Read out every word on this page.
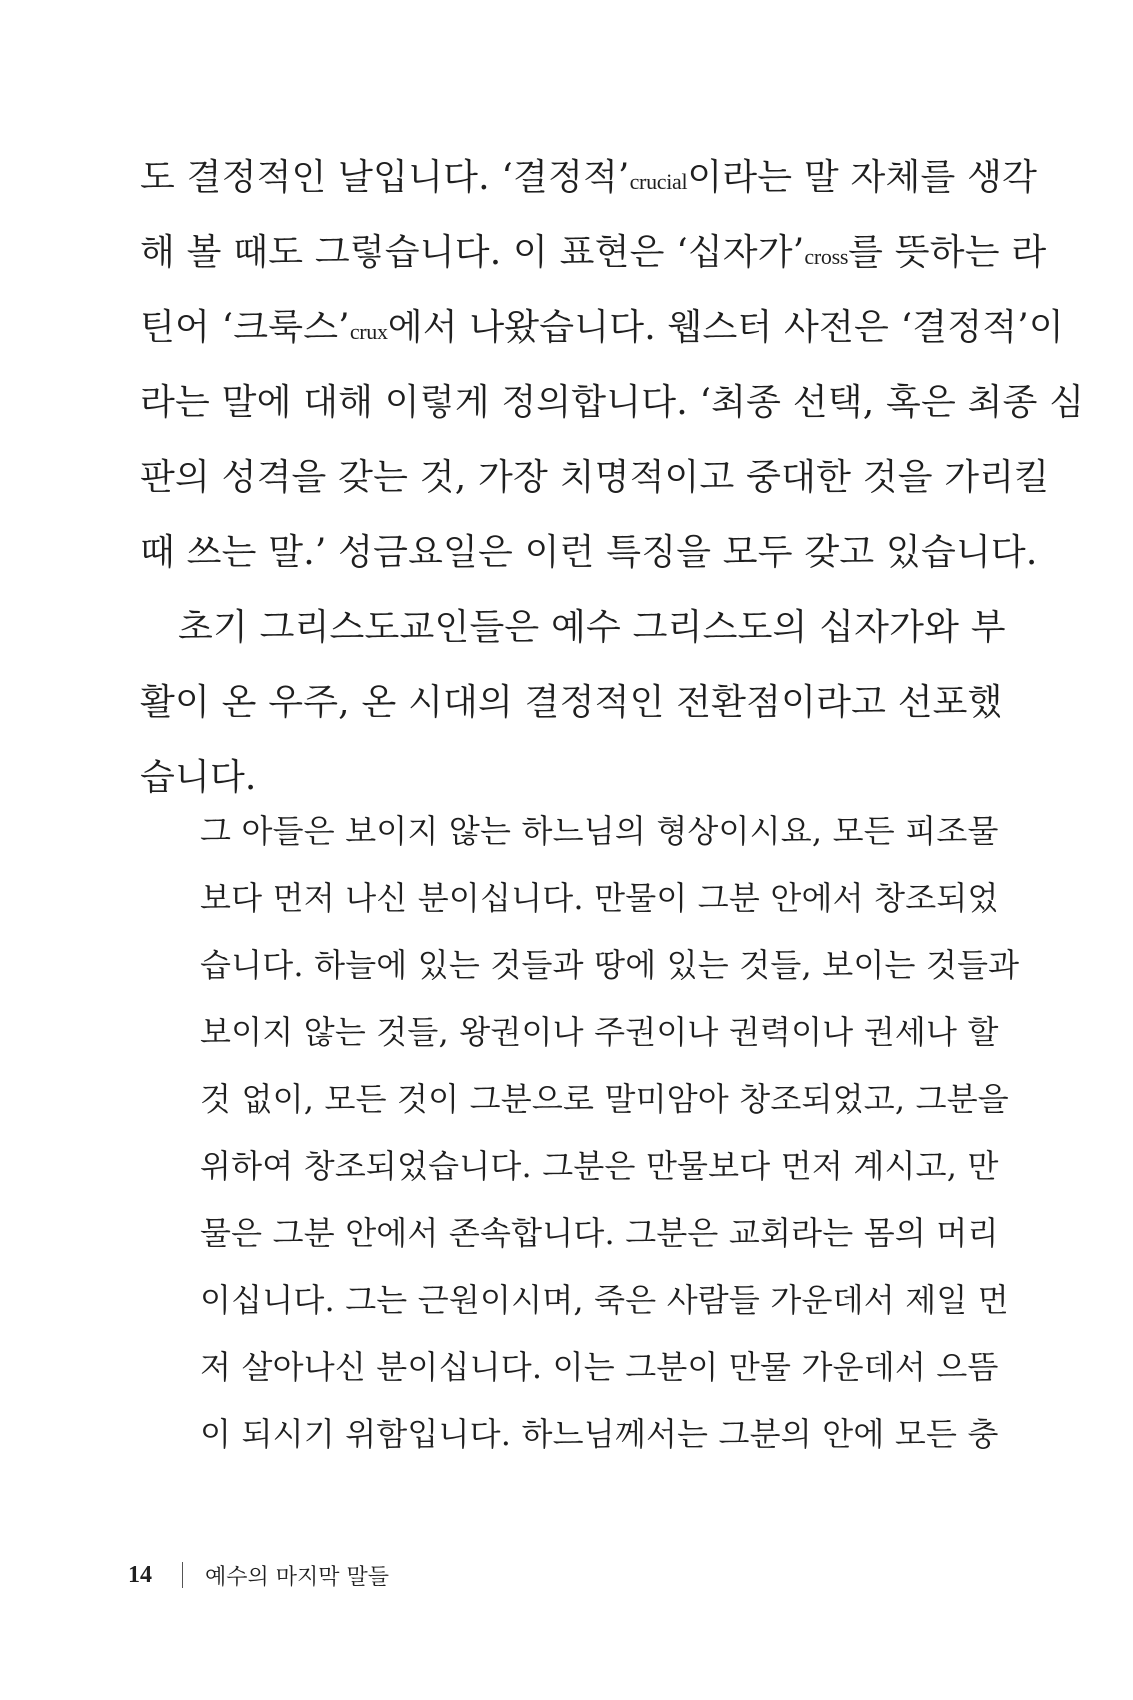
도 결정적인 날입니다. ‘결정적’crucial이라는 말 자체를 생각
해 볼 때도 그렇습니다. 이 표현은 ‘십자가’cross를 뜻하는 라
틴어 ‘크룩스’crux에서 나왔습니다. 웹스터 사전은 ‘결정적’이
라는 말에 대해 이렇게 정의합니다. ‘최종 선택, 혹은 최종 심
판의 성격을 갖는 것, 가장 치명적이고 중대한 것을 가리킬
때 쓰는 말.’ 성금요일은 이런 특징을 모두 갖고 있습니다.
초기 그리스도교인들은 예수 그리스도의 십자가와 부
활이 온 우주, 온 시대의 결정적인 전환점이라고 선포했
습니다.
그 아들은 보이지 않는 하느님의 형상이시요, 모든 피조물
보다 먼저 나신 분이십니다. 만물이 그분 안에서 창조되었
습니다. 하늘에 있는 것들과 땅에 있는 것들, 보이는 것들과
보이지 않는 것들, 왕권이나 주권이나 권력이나 권세나 할
것 없이, 모든 것이 그분으로 말미암아 창조되었고, 그분을
위하여 창조되었습니다. 그분은 만물보다 먼저 계시고, 만
물은 그분 안에서 존속합니다. 그분은 교회라는 몸의 머리
이십니다. 그는 근원이시며, 죽은 사람들 가운데서 제일 먼
저 살아나신 분이십니다. 이는 그분이 만물 가운데서 으뜸
이 되시기 위함입니다. 하느님께서는 그분의 안에 모든 충
14 예수의 마지막 말들
